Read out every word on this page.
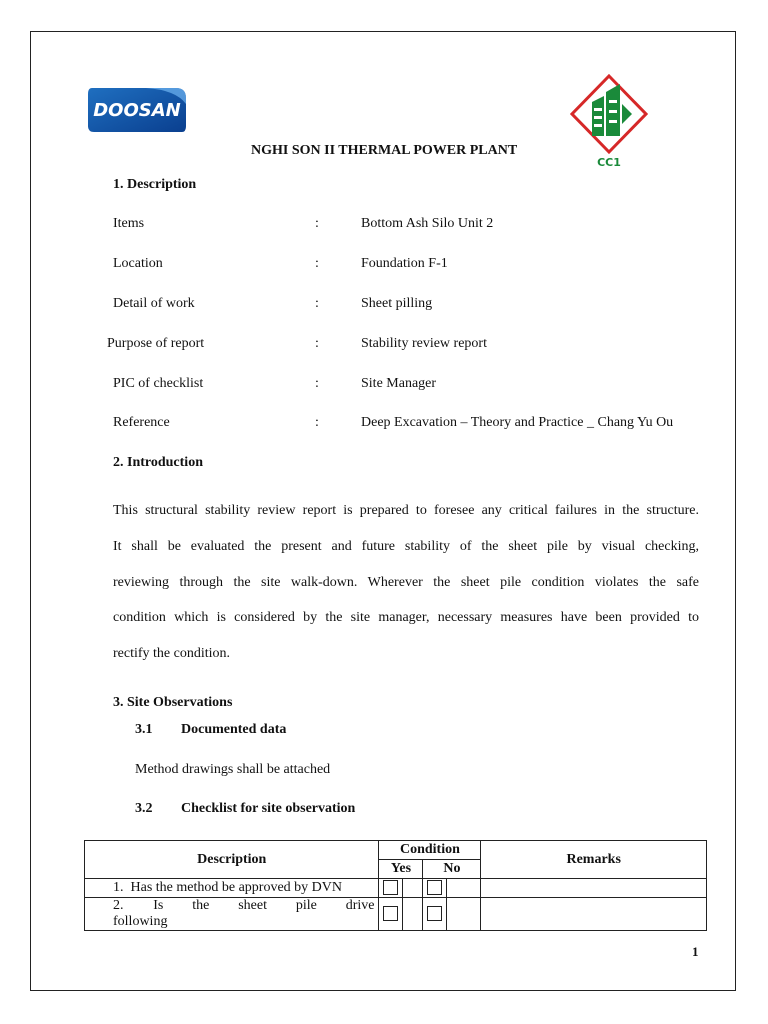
DOOSAN
CC1
NGHI SON II THERMAL POWER PLANT
1. Description
Items	:	Bottom Ash Silo Unit 2
Location	:	Foundation F-1
Detail of work	:	Sheet pilling
Purpose of report	:	Stability review report
PIC of checklist	:	Site Manager
Reference	:	Deep Excavation – Theory and Practice _ Chang Yu Ou
2. Introduction
This structural stability review report is prepared to foresee any critical failures in the structure.
It shall be evaluated the present and future stability of the sheet pile by visual checking,
reviewing through the site walk-down. Wherever the sheet pile condition violates the safe
condition which is considered by the site manager, necessary measures have been provided to
rectify the condition.
3. Site Observations
3.1 Documented data
Method drawings shall be attached
3.2 Checklist for site observation
Description	Condition				Remarks
	Yes		No		
1. Has the method be approved by DVN					
2. Is the sheet pile drive following					
1
